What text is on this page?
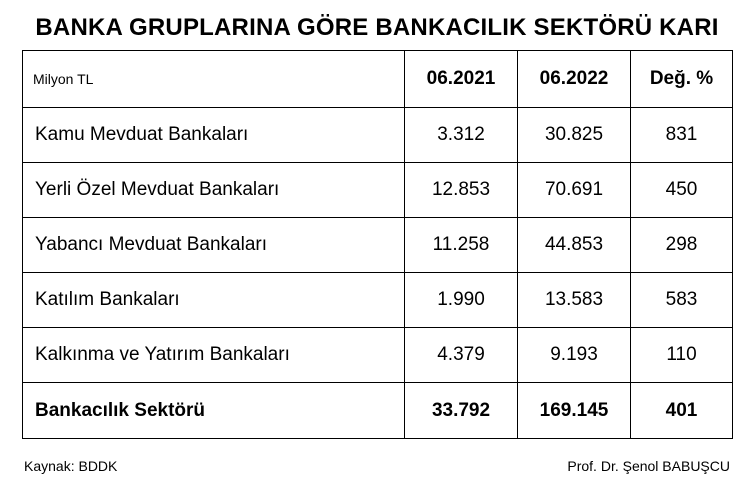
BANKA GRUPLARINA GÖRE BANKACILIK SEKTÖRÜ KARI
Milyon TL	06.2021	06.2022	Değ. %
Kamu Mevduat Bankaları	3.312	30.825	831
Yerli Özel Mevduat Bankaları	12.853	70.691	450
Yabancı Mevduat Bankaları	11.258	44.853	298
Katılım Bankaları	1.990	13.583	583
Kalkınma ve Yatırım Bankaları	4.379	9.193	110
Bankacılık Sektörü	33.792	169.145	401
Kaynak: BDDK	Prof. Dr. Şenol BABUŞCU
